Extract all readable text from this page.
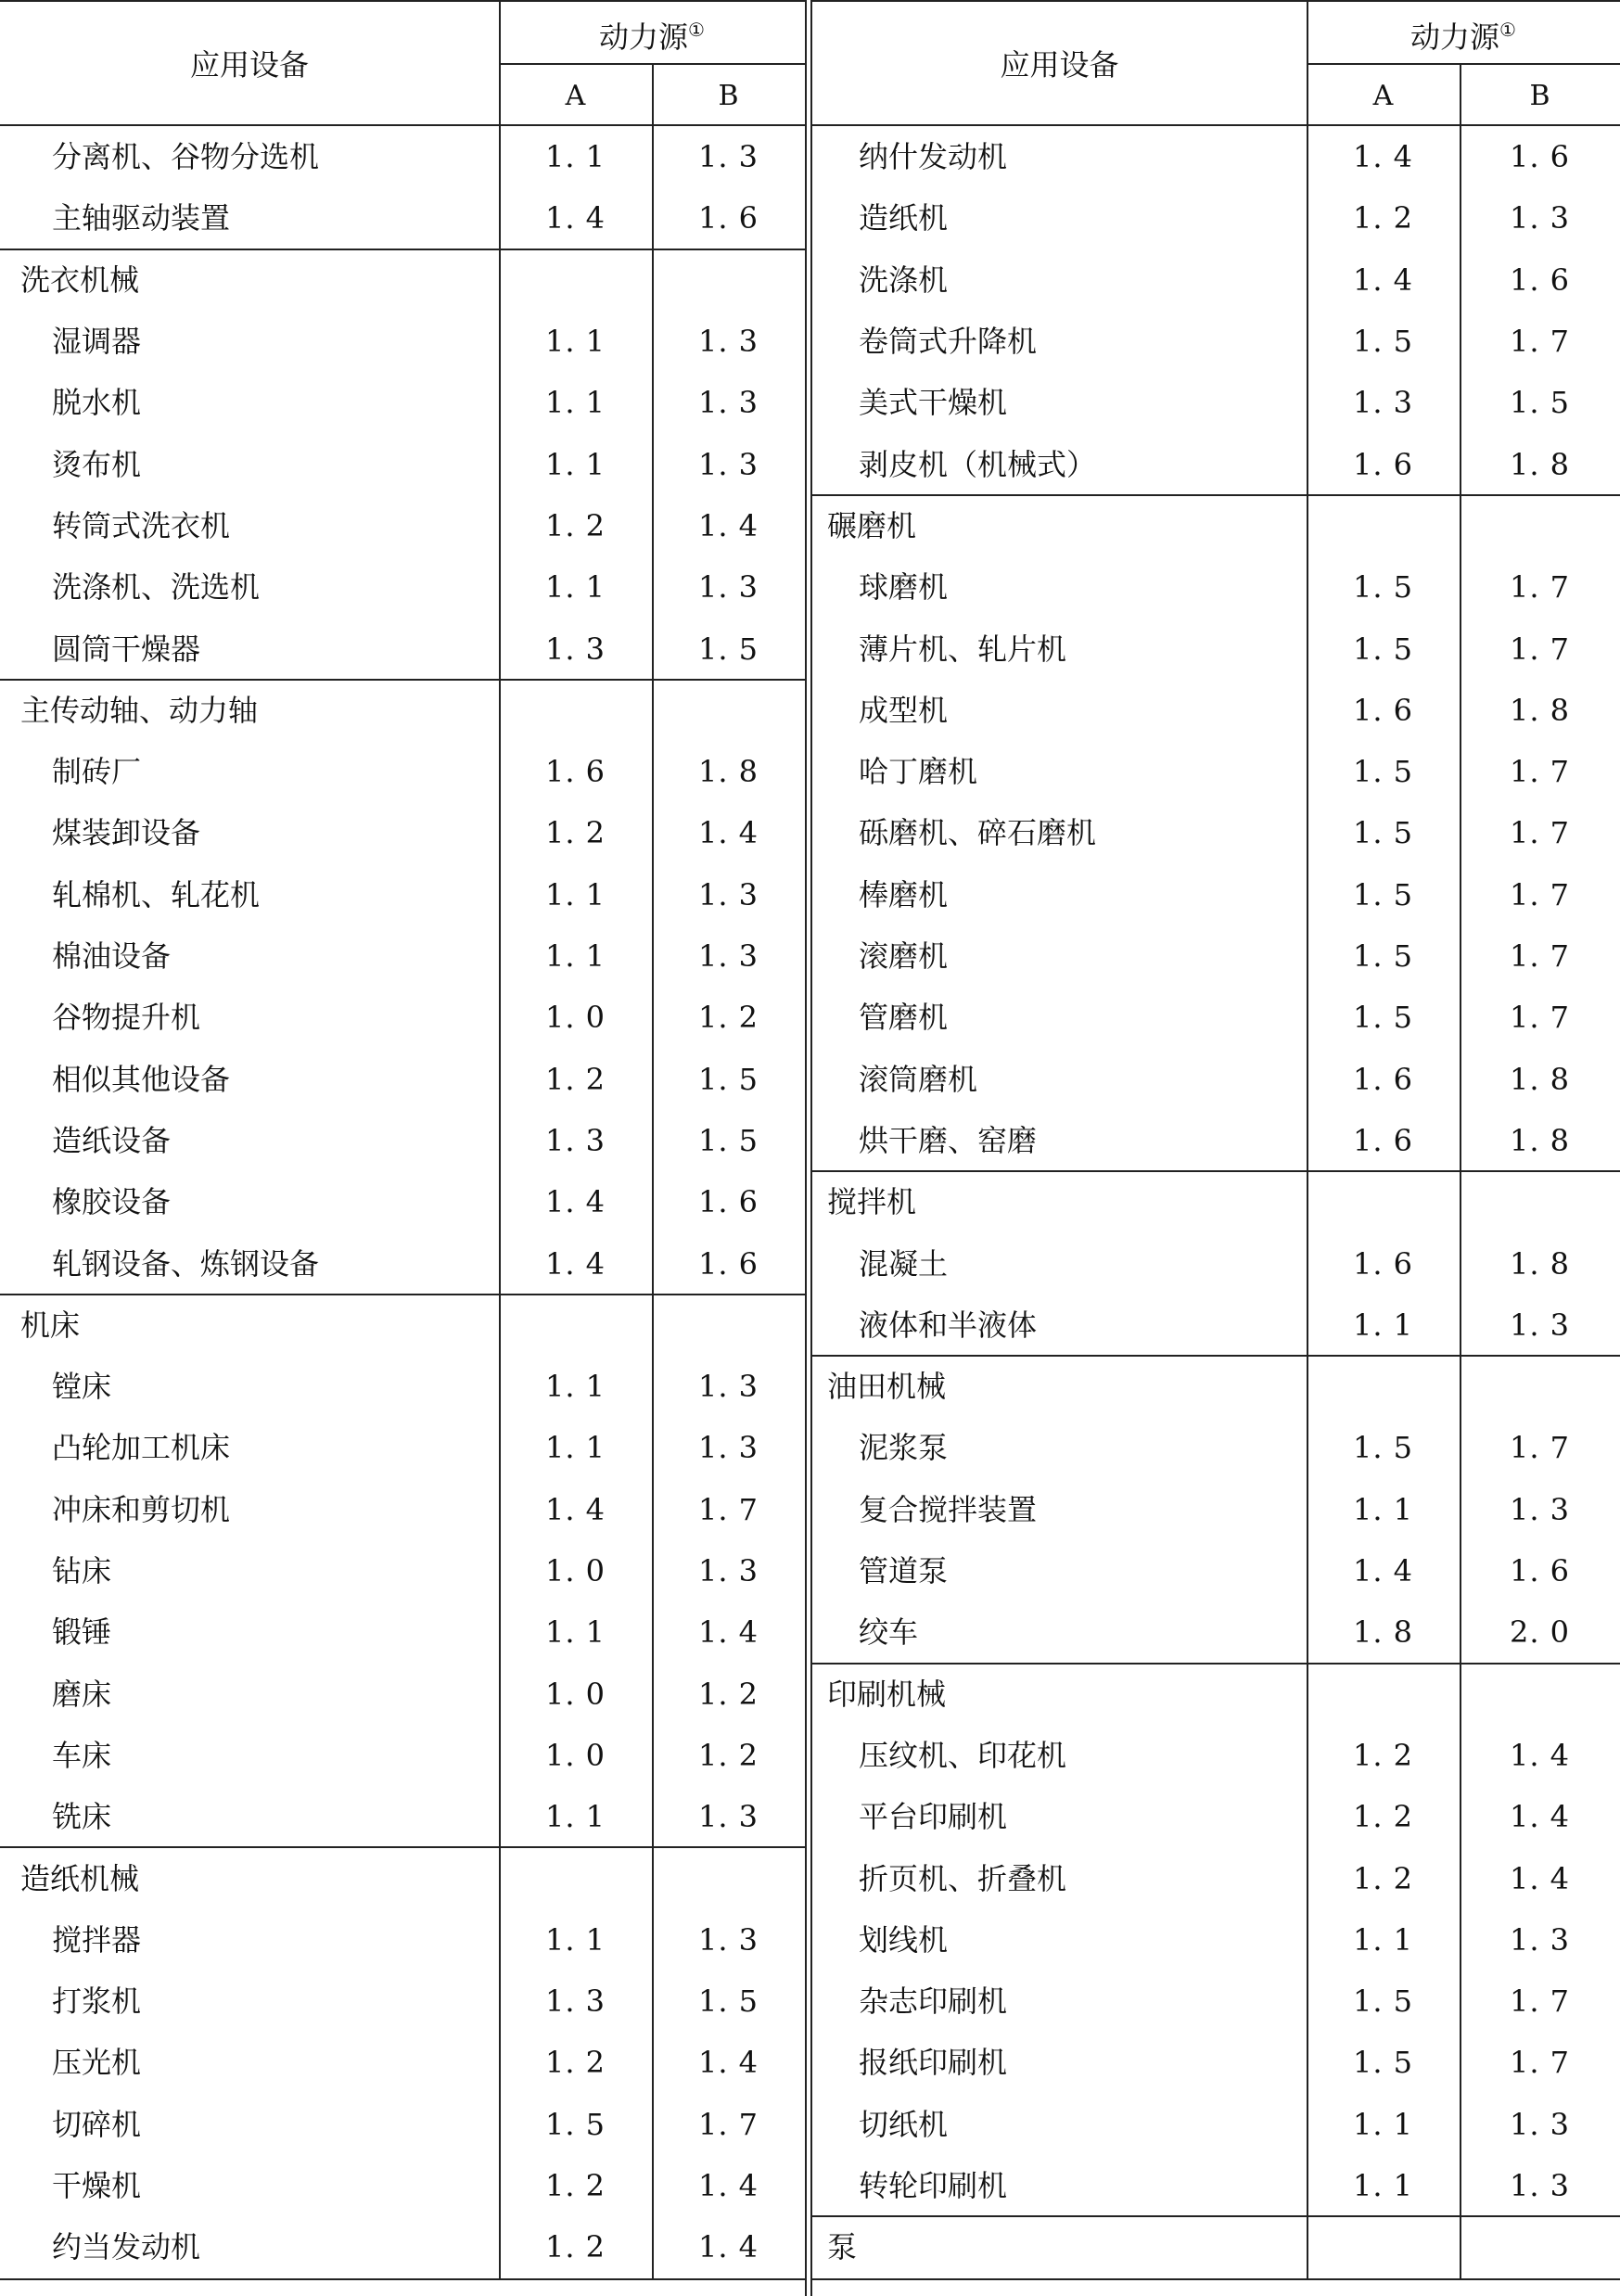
应用设备
动力源①
A	B
分离机、谷物分选机	1. 1	1. 3
主轴驱动装置	1. 4	1. 6
洗衣机械
湿调器	1. 1	1. 3
脱水机	1. 1	1. 3
烫布机	1. 1	1. 3
转筒式洗衣机	1. 2	1. 4
洗涤机、洗选机	1. 1	1. 3
圆筒干燥器	1. 3	1. 5
主传动轴、动力轴
制砖厂	1. 6	1. 8
煤装卸设备	1. 2	1. 4
轧棉机、轧花机	1. 1	1. 3
棉油设备	1. 1	1. 3
谷物提升机	1. 0	1. 2
相似其他设备	1. 2	1. 5
造纸设备	1. 3	1. 5
橡胶设备	1. 4	1. 6
轧钢设备、炼钢设备	1. 4	1. 6
机床
镗床	1. 1	1. 3
凸轮加工机床	1. 1	1. 3
冲床和剪切机	1. 4	1. 7
钻床	1. 0	1. 3
锻锤	1. 1	1. 4
磨床	1. 0	1. 2
车床	1. 0	1. 2
铣床	1. 1	1. 3
造纸机械
搅拌器	1. 1	1. 3
打浆机	1. 3	1. 5
压光机	1. 2	1. 4
切碎机	1. 5	1. 7
干燥机	1. 2	1. 4
约当发动机	1. 2	1. 4
应用设备
动力源①
A	B
纳什发动机	1. 4	1. 6
造纸机	1. 2	1. 3
洗涤机	1. 4	1. 6
卷筒式升降机	1. 5	1. 7
美式干燥机	1. 3	1. 5
剥皮机（机械式）	1. 6	1. 8
碾磨机
球磨机	1. 5	1. 7
薄片机、轧片机	1. 5	1. 7
成型机	1. 6	1. 8
哈丁磨机	1. 5	1. 7
砾磨机、碎石磨机	1. 5	1. 7
棒磨机	1. 5	1. 7
滚磨机	1. 5	1. 7
管磨机	1. 5	1. 7
滚筒磨机	1. 6	1. 8
烘干磨、窑磨	1. 6	1. 8
搅拌机
混凝土	1. 6	1. 8
液体和半液体	1. 1	1. 3
油田机械
泥浆泵	1. 5	1. 7
复合搅拌装置	1. 1	1. 3
管道泵	1. 4	1. 6
绞车	1. 8	2. 0
印刷机械
压纹机、印花机	1. 2	1. 4
平台印刷机	1. 2	1. 4
折页机、折叠机	1. 2	1. 4
划线机	1. 1	1. 3
杂志印刷机	1. 5	1. 7
报纸印刷机	1. 5	1. 7
切纸机	1. 1	1. 3
转轮印刷机	1. 1	1. 3
泵
